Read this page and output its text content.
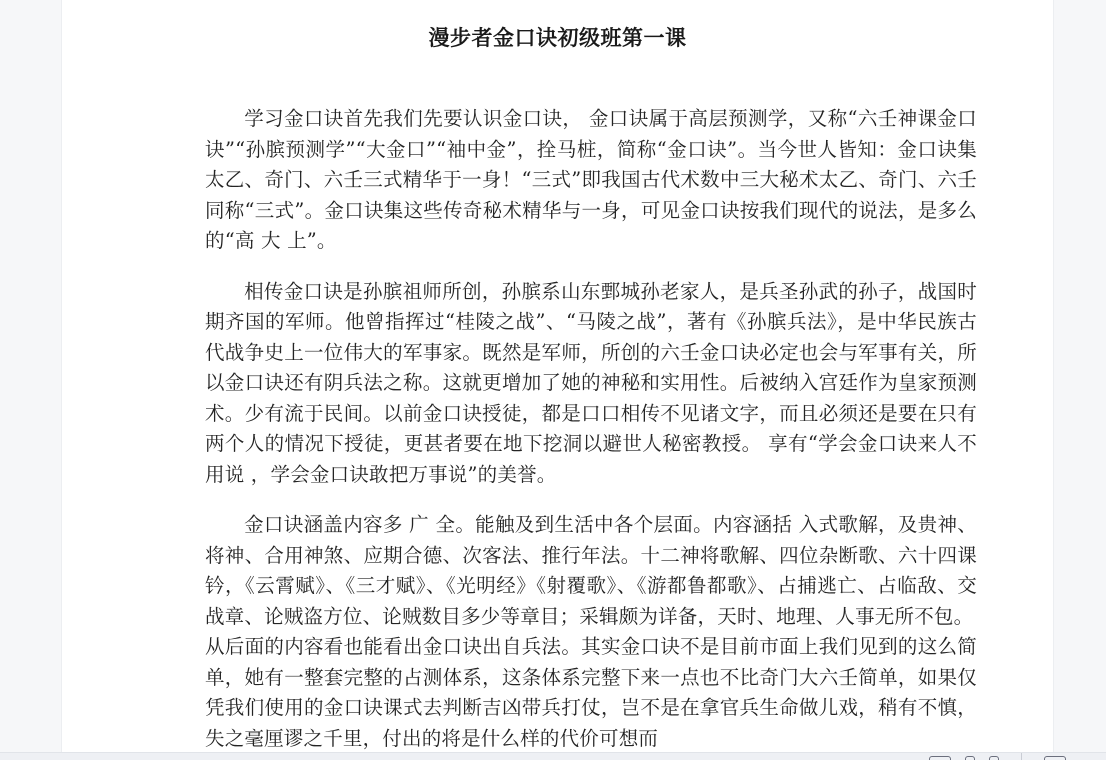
漫步者金口诀初级班第一课

学习金口诀首先我们先要认识金口诀， 金口诀属于高层预测学，又称“六壬神课金口诀”“孙膑预测学”“大金口”“袖中金”，拴马桩，简称“金口诀”。当今世人皆知：金口诀集太乙、奇门、六壬三式精华于一身！“三式”即我国古代术数中三大秘术太乙、奇门、六壬同称“三式”。金口诀集这些传奇秘术精华与一身，可见金口诀按我们现代的说法，是多么的“高 大 上”。

相传金口诀是孙膑祖师所创，孙膑系山东鄄城孙老家人，是兵圣孙武的孙子，战国时期齐国的军师。他曾指挥过“桂陵之战”、“马陵之战”，著有《孙膑兵法》，是中华民族古代战争史上一位伟大的军事家。既然是军师，所创的六壬金口诀必定也会与军事有关，所以金口诀还有阴兵法之称。这就更增加了她的神秘和实用性。后被纳入宫廷作为皇家预测术。少有流于民间。以前金口诀授徒，都是口口相传不见诸文字，而且必须还是要在只有两个人的情况下授徒，更甚者要在地下挖洞以避世人秘密教授。 享有“学会金口诀来人不用说 ，学会金口诀敢把万事说”的美誉。

金口诀涵盖内容多 广 全。能触及到生活中各个层面。内容涵括 入式歌解，及贵神、将神、合用神煞、应期合德、次客法、推行年法。十二神将歌解、四位杂断歌、六十四课钤，《云霄赋》、《三才赋》、《光明经》《射覆歌》、《游都鲁都歌》、占捕逃亡、占临敌、交战章、论贼盗方位、论贼数目多少等章目；采辑颇为详备，天时、地理、人事无所不包。

从后面的内容看也能看出金口诀出自兵法。其实金口诀不是目前市面上我们见到的这么简单，她有一整套完整的占测体系，这条体系完整下来一点也不比奇门大六壬简单，如果仅凭我们使用的金口诀课式去判断吉凶带兵打仗，岂不是在拿官兵生命做儿戏，稍有不慎，失之毫厘谬之千里，付出的将是什么样的代价可想而
